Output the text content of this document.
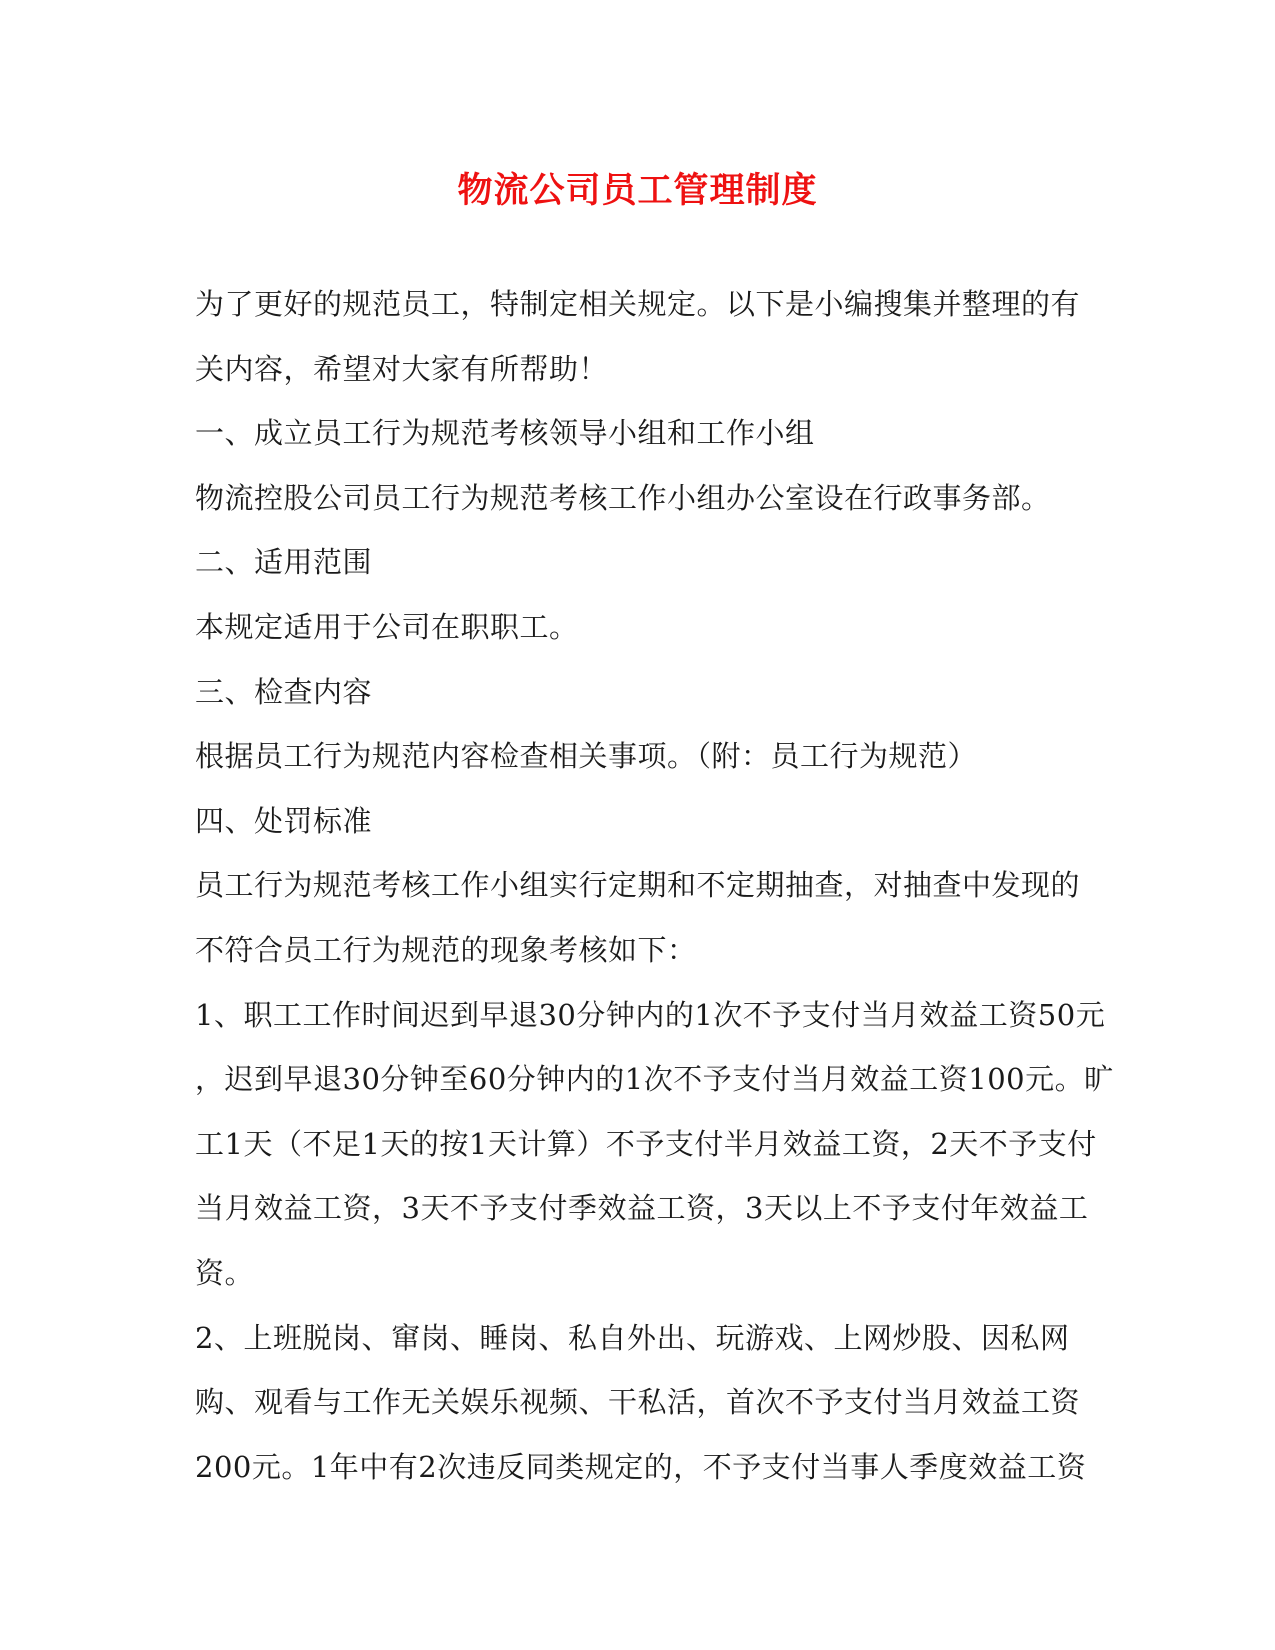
物流公司员工管理制度
为了更好的规范员工，特制定相关规定。以下是小编搜集并整理的有
关内容，希望对大家有所帮助！
一、成立员工行为规范考核领导小组和工作小组
物流控股公司员工行为规范考核工作小组办公室设在行政事务部。
二、适用范围
本规定适用于公司在职职工。
三、检查内容
根据员工行为规范内容检查相关事项。（附：员工行为规范）
四、处罚标准
员工行为规范考核工作小组实行定期和不定期抽查，对抽查中发现的
不符合员工行为规范的现象考核如下：
1、职工工作时间迟到早退30分钟内的1次不予支付当月效益工资50元
，迟到早退30分钟至60分钟内的1次不予支付当月效益工资100元。旷
工1天（不足1天的按1天计算）不予支付半月效益工资，2天不予支付
当月效益工资，3天不予支付季效益工资，3天以上不予支付年效益工
资。
2、上班脱岗、窜岗、睡岗、私自外出、玩游戏、上网炒股、因私网
购、观看与工作无关娱乐视频、干私活，首次不予支付当月效益工资
200元。1年中有2次违反同类规定的，不予支付当事人季度效益工资
